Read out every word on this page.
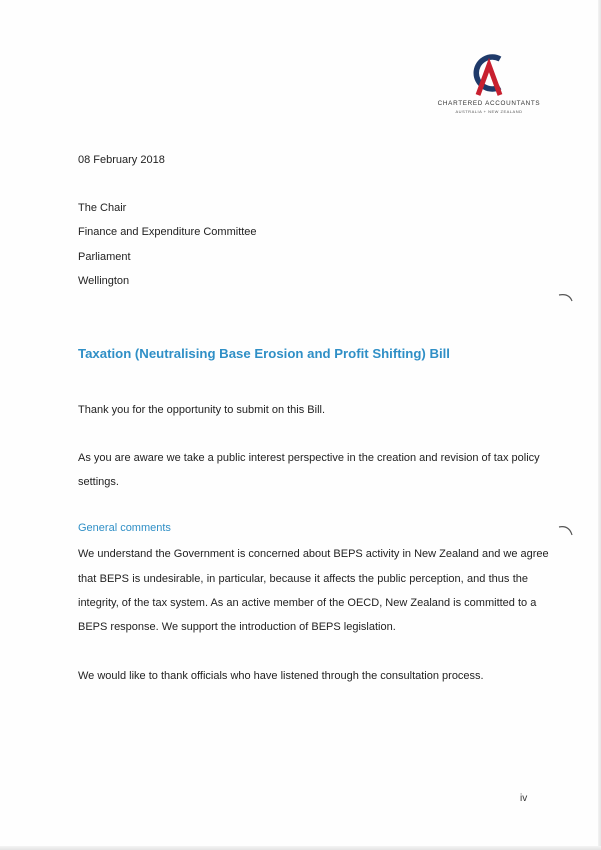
CHARTERED ACCOUNTANTS
AUSTRALIA + NEW ZEALAND
08 February 2018
The Chair
Finance and Expenditure Committee
Parliament
Wellington
Taxation (Neutralising Base Erosion and Profit Shifting) Bill
Thank you for the opportunity to submit on this Bill.
As you are aware we take a public interest perspective in the creation and revision of tax policy
settings.
General comments
We understand the Government is concerned about BEPS activity in New Zealand and we agree
that BEPS is undesirable, in particular, because it affects the public perception, and thus the
integrity, of the tax system. As an active member of the OECD, New Zealand is committed to a
BEPS response. We support the introduction of BEPS legislation.
We would like to thank officials who have listened through the consultation process.
iv
